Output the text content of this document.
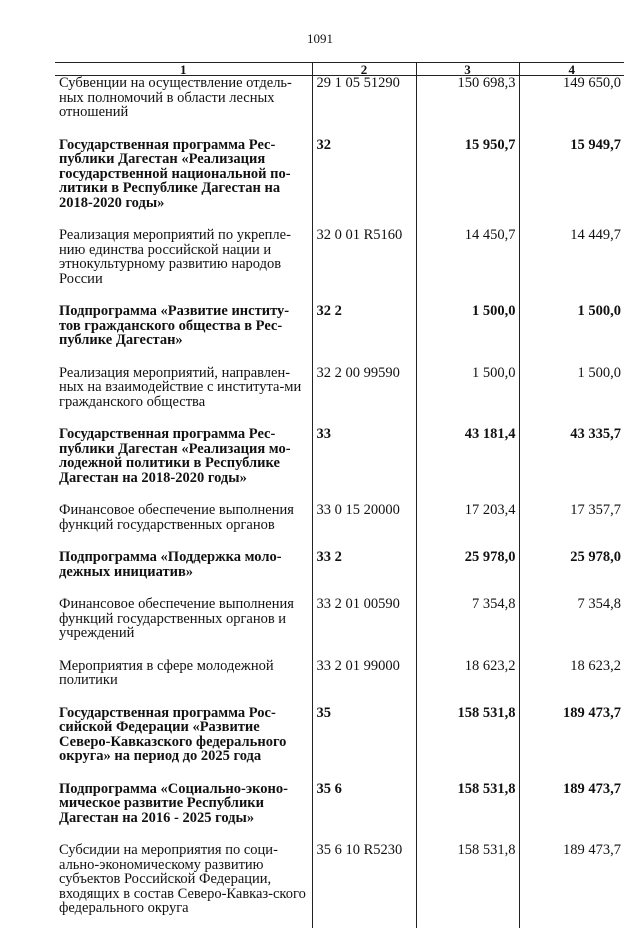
1091
1	2	3	4
Субвенции на осуществление отдель-ных полномочий в области лесных отношений	29 1 05 51290	150 698,3	149 650,0

Государственная программа Рес-публики Дагестан «Реализация государственной национальной по-литики в Республике Дагестан на 2018-2020 годы»	32	15 950,7	15 949,7

Реализация мероприятий по укрепле-нию единства российской нации и этнокультурному развитию народов России	32 0 01 R5160	14 450,7	14 449,7

Подпрограмма «Развитие институ-тов гражданского общества в Рес-публике Дагестан»	32 2	1 500,0	1 500,0

Реализация мероприятий, направлен-ных на взаимодействие с института-ми гражданского общества	32 2 00 99590	1 500,0	1 500,0

Государственная программа Рес-публики Дагестан «Реализация мо-лодежной политики в Республике Дагестан на 2018-2020 годы»	33	43 181,4	43 335,7

Финансовое обеспечение выполнения функций государственных органов	33 0 15 20000	17 203,4	17 357,7

Подпрограмма «Поддержка моло-дежных инициатив»	33 2	25 978,0	25 978,0

Финансовое обеспечение выполнения функций государственных органов и учреждений	33 2 01 00590	7 354,8	7 354,8

Мероприятия в сфере молодежной политики	33 2 01 99000	18 623,2	18 623,2

Государственная программа Рос-сийской Федерации «Развитие Северо-Кавказского федерального округа» на период до 2025 года	35	158 531,8	189 473,7

Подпрограмма «Социально-эконо-мическое развитие Республики Дагестан на 2016 - 2025 годы»	35 6	158 531,8	189 473,7

Субсидии на мероприятия по соци-ально-экономическому развитию субъектов Российской Федерации, входящих в состав Северо-Кавказ-ского федерального округа	35 6 10 R5230	158 531,8	189 473,7
